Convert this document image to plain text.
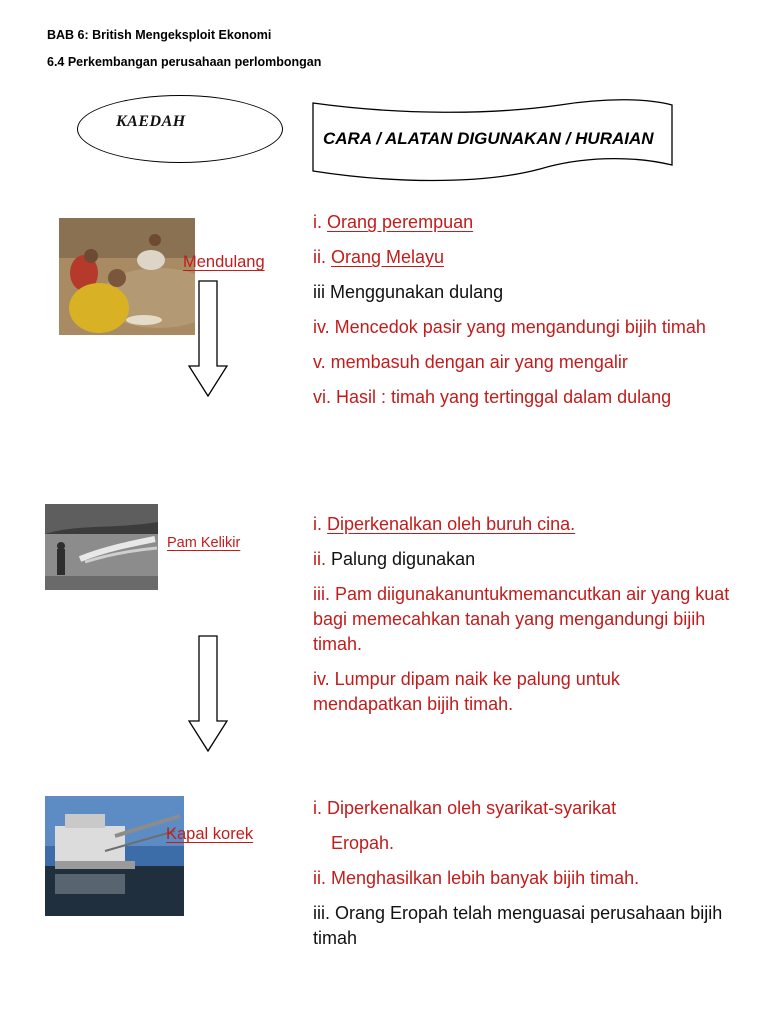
BAB 6: British Mengeksploit Ekonomi
6.4 Perkembangan perusahaan perlombongan
KAEDAH
CARA / ALATAN DIGUNAKAN / HURAIAN
Mendulang
i. Orang perempuan
ii. Orang Melayu
iii Menggunakan dulang
iv. Mencedok pasir yang mengandungi bijih timah
v. membasuh dengan air yang mengalir
vi. Hasil : timah yang tertinggal dalam dulang
Pam Kelikir
i. Diperkenalkan oleh buruh cina.
ii. Palung digunakan
iii. Pam diigunakanuntukmemancutkan air yang kuat bagi memecahkan tanah yang mengandungi bijih timah.
iv. Lumpur dipam naik ke palung untuk mendapatkan bijih timah.
Kapal korek
i. Diperkenalkan oleh syarikat-syarikat
Eropah.
ii. Menghasilkan lebih banyak bijih timah.
iii. Orang Eropah telah menguasai perusahaan bijih timah
